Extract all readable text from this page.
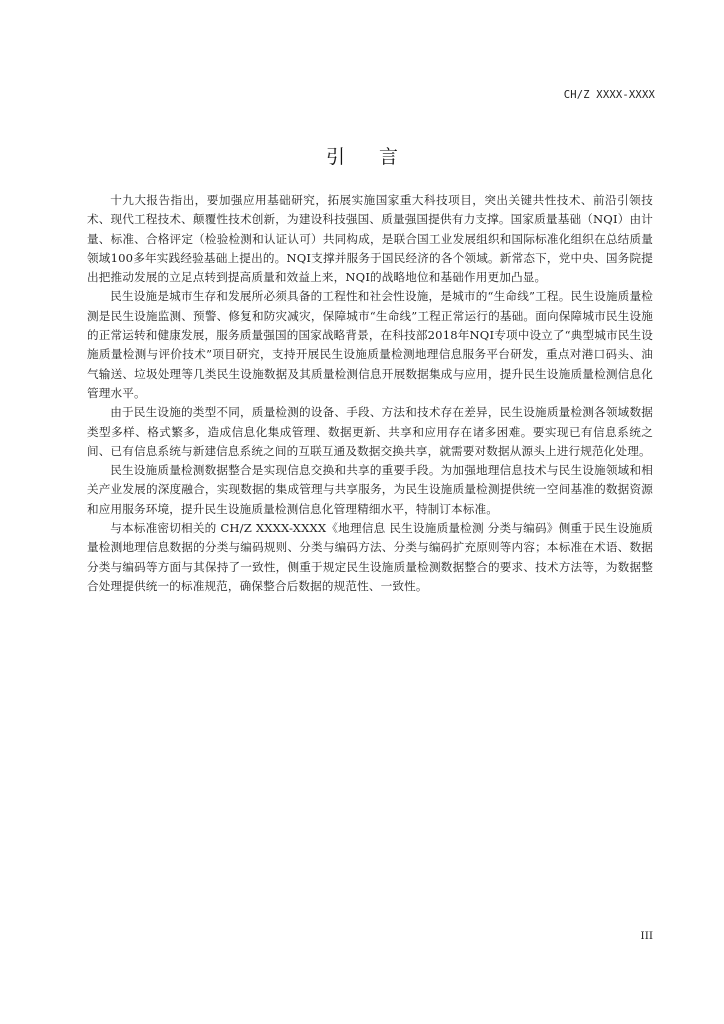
CH/Z XXXX-XXXX
引言

十九大报告指出，要加强应用基础研究，拓展实施国家重大科技项目，突出关键共性技术、前沿引领技术、现代工程技术、颠覆性技术创新，为建设科技强国、质量强国提供有力支撑。国家质量基础（NQI）由计量、标准、合格评定（检验检测和认证认可）共同构成，是联合国工业发展组织和国际标准化组织在总结质量领域100多年实践经验基础上提出的。NQI支撑并服务于国民经济的各个领域。新常态下，党中央、国务院提出把推动发展的立足点转到提高质量和效益上来，NQI的战略地位和基础作用更加凸显。

民生设施是城市生存和发展所必须具备的工程性和社会性设施，是城市的“生命线”工程。民生设施质量检测是民生设施监测、预警、修复和防灾减灾，保障城市“生命线”工程正常运行的基础。面向保障城市民生设施的正常运转和健康发展，服务质量强国的国家战略背景，在科技部2018年NQI专项中设立了“典型城市民生设施质量检测与评价技术”项目研究，支持开展民生设施质量检测地理信息服务平台研发，重点对港口码头、油气输送、垃圾处理等几类民生设施数据及其质量检测信息开展数据集成与应用，提升民生设施质量检测信息化管理水平。

由于民生设施的类型不同，质量检测的设备、手段、方法和技术存在差异，民生设施质量检测各领域数据类型多样、格式繁多，造成信息化集成管理、数据更新、共享和应用存在诸多困难。要实现已有信息系统之间、已有信息系统与新建信息系统之间的互联互通及数据交换共享，就需要对数据从源头上进行规范化处理。

民生设施质量检测数据整合是实现信息交换和共享的重要手段。为加强地理信息技术与民生设施领域和相关产业发展的深度融合，实现数据的集成管理与共享服务，为民生设施质量检测提供统一空间基准的数据资源和应用服务环境，提升民生设施质量检测信息化管理精细水平，特制订本标准。

与本标准密切相关的 CH/Z XXXX-XXXX《地理信息 民生设施质量检测 分类与编码》侧重于民生设施质量检测地理信息数据的分类与编码规则、分类与编码方法、分类与编码扩充原则等内容；本标准在术语、数据分类与编码等方面与其保持了一致性，侧重于规定民生设施质量检测数据整合的要求、技术方法等，为数据整合处理提供统一的标准规范，确保整合后数据的规范性、一致性。

III
